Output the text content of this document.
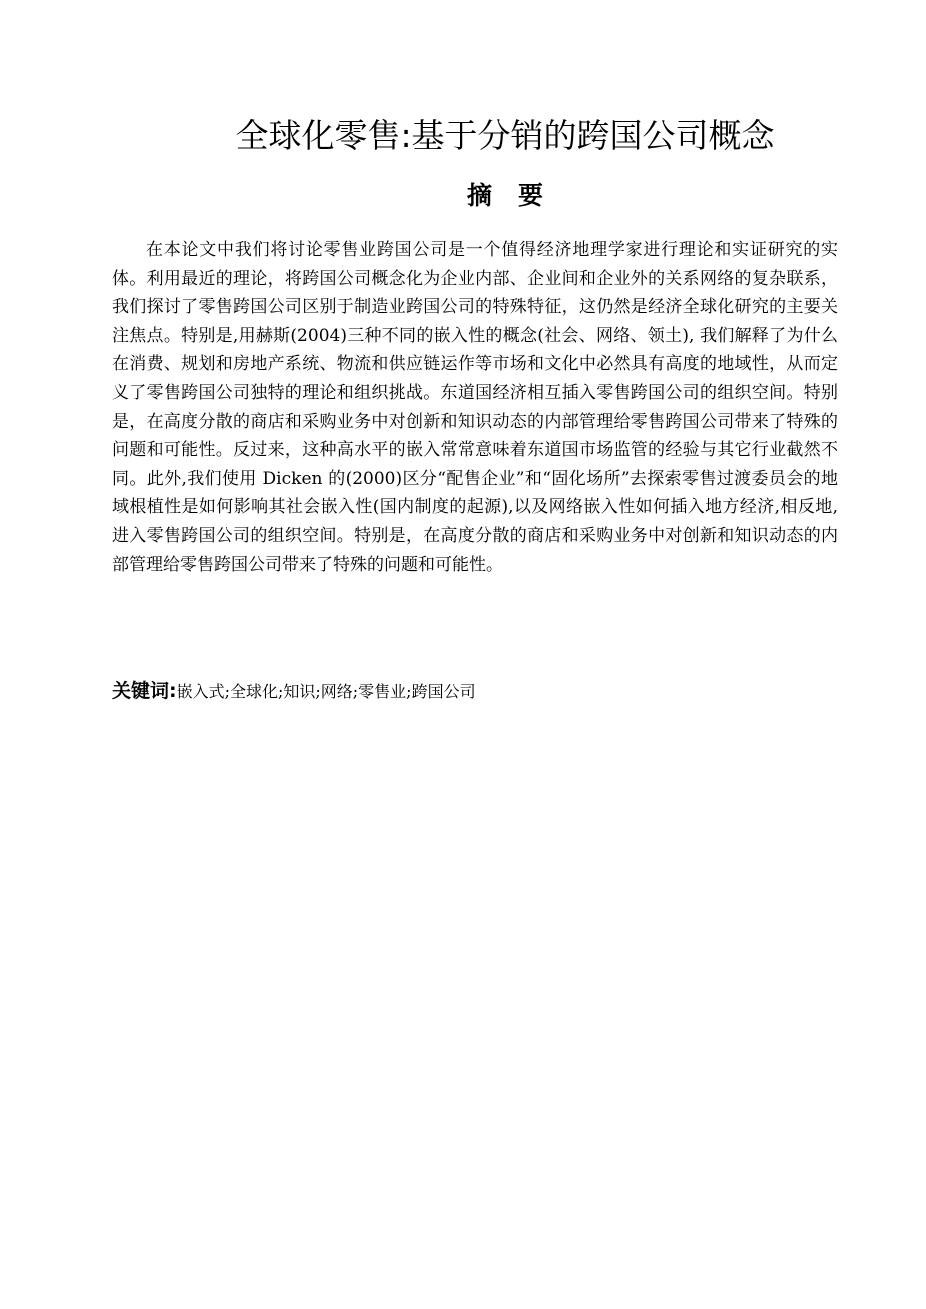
全球化零售:基于分销的跨国公司概念
摘要

在本论文中我们将讨论零售业跨国公司是一个值得经济地理学家进行理论和实证研究的实体。利用最近的理论，将跨国公司概念化为企业内部、企业间和企业外的关系网络的复杂联系，我们探讨了零售跨国公司区别于制造业跨国公司的特殊特征，这仍然是经济全球化研究的主要关注焦点。特别是,用赫斯(2004)三种不同的嵌入性的概念(社会、网络、领土), 我们解释了为什么在消费、规划和房地产系统、物流和供应链运作等市场和文化中必然具有高度的地域性，从而定义了零售跨国公司独特的理论和组织挑战。东道国经济相互插入零售跨国公司的组织空间。特别是，在高度分散的商店和采购业务中对创新和知识动态的内部管理给零售跨国公司带来了特殊的问题和可能性。反过来，这种高水平的嵌入常常意味着东道国市场监管的经验与其它行业截然不同。此外,我们使用 Dicken 的(2000)区分“配售企业”和“固化场所”去探索零售过渡委员会的地域根植性是如何影响其社会嵌入性(国内制度的起源),以及网络嵌入性如何插入地方经济,相反地,进入零售跨国公司的组织空间。特别是，在高度分散的商店和采购业务中对创新和知识动态的内部管理给零售跨国公司带来了特殊的问题和可能性。

关键词:嵌入式;全球化;知识;网络;零售业;跨国公司
